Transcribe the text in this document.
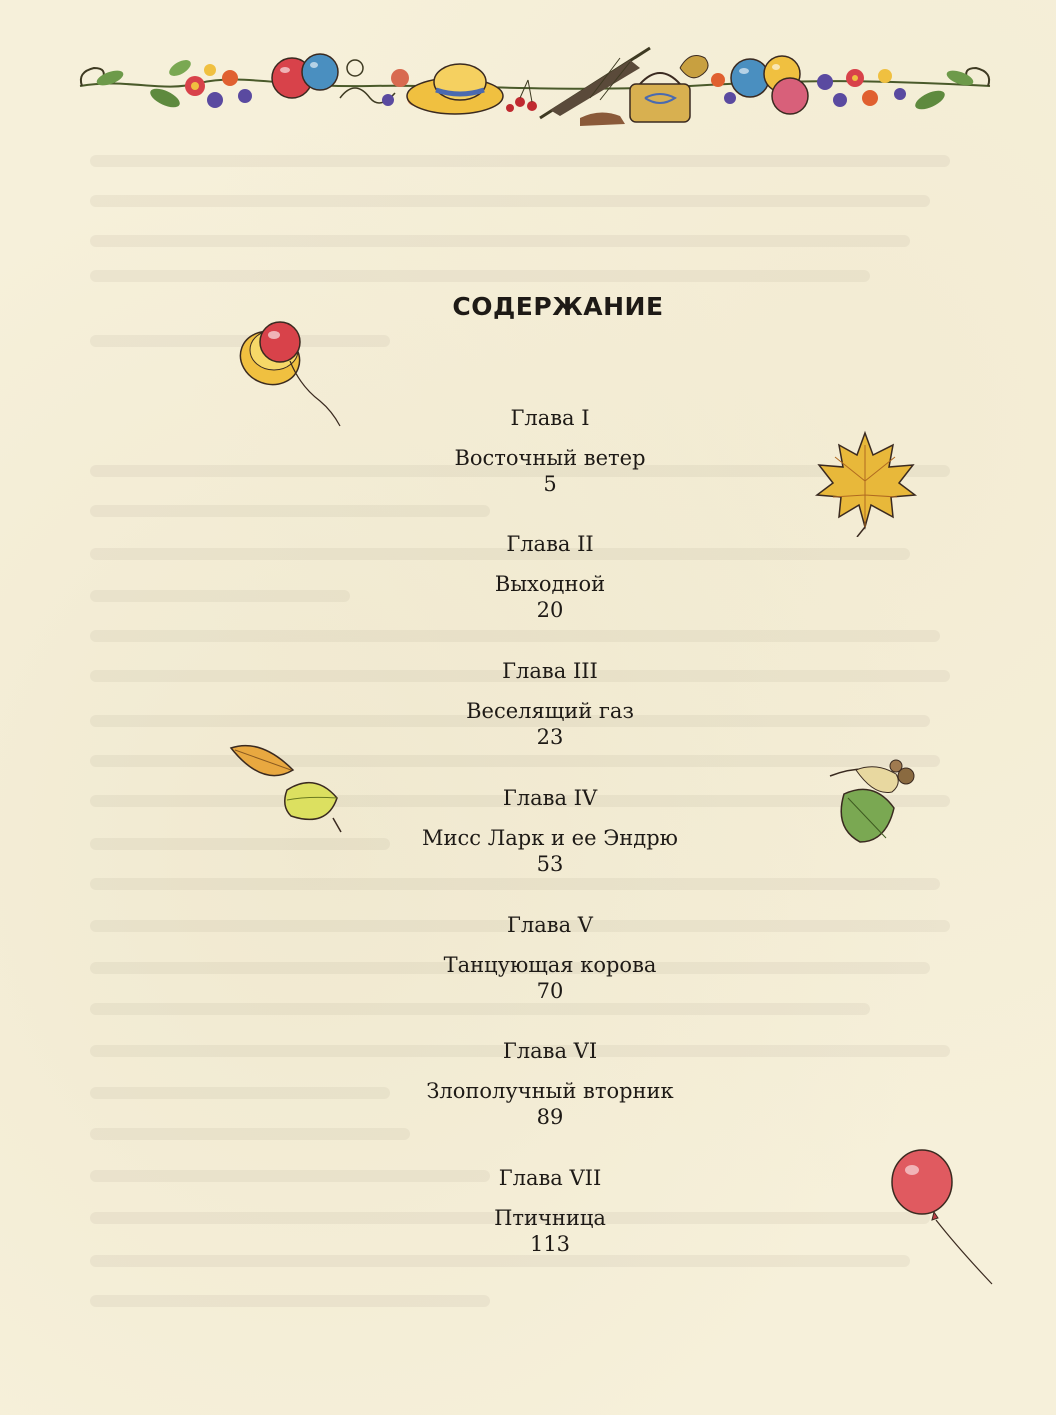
СОДЕРЖАНИЕ
Глава I
Восточный ветер
5
Глава II
Выходной
20
Глава III
Веселящий газ
23
Глава IV
Мисс Ларк и ее Эндрю
53
Глава V
Танцующая корова
70
Глава VI
Злополучный вторник
89
Глава VII
Птичница
113
